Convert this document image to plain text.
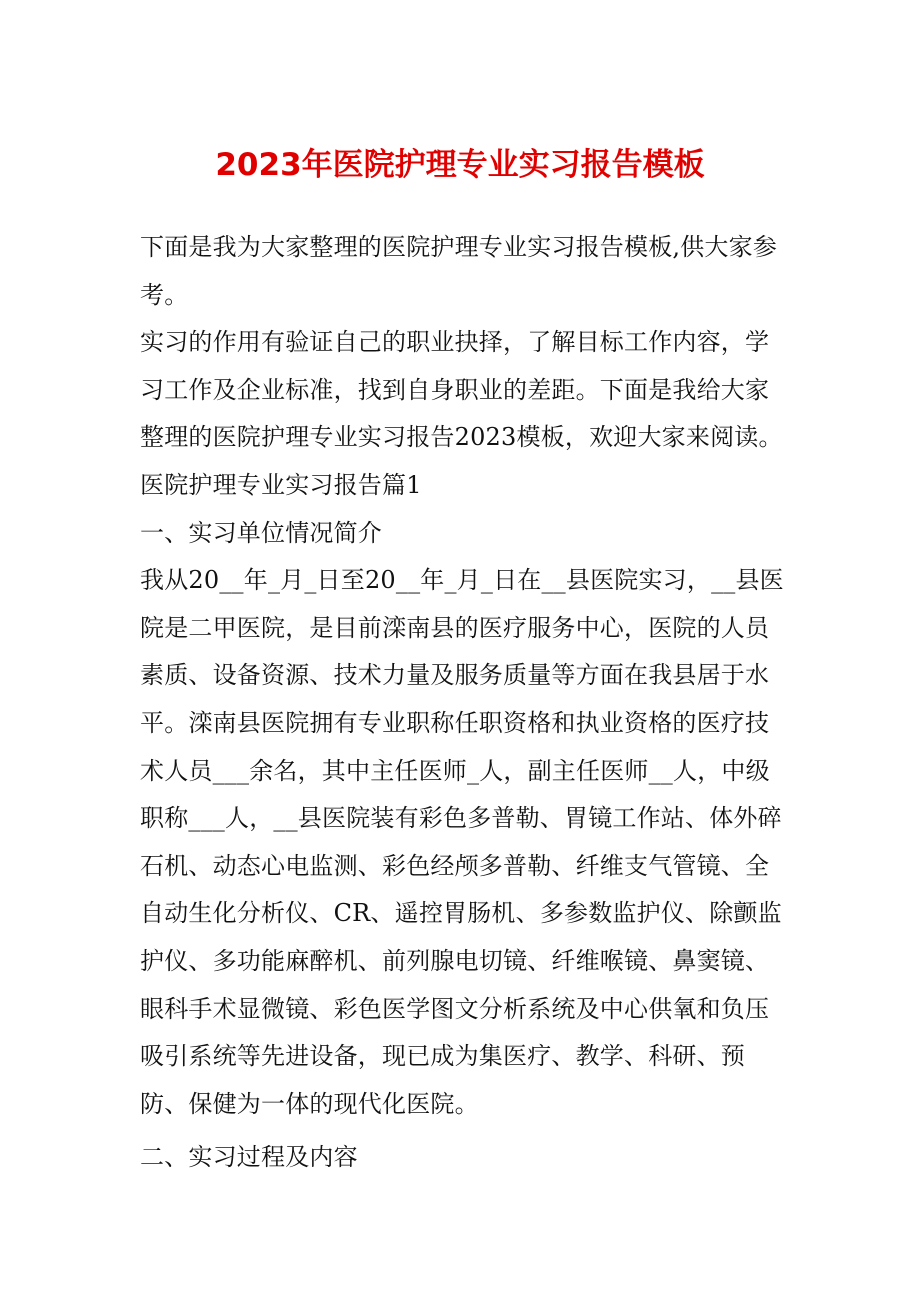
2023年医院护理专业实习报告模板

下面是我为大家整理的医院护理专业实习报告模板,供大家参考。

实习的作用有验证自己的职业抉择，了解目标工作内容，学习工作及企业标准，找到自身职业的差距。下面是我给大家整理的医院护理专业实习报告2023模板，欢迎大家来阅读。

医院护理专业实习报告篇1

一、实习单位情况简介

我从20__年_月_日至20__年_月_日在__县医院实习，__县医院是二甲医院，是目前滦南县的医疗服务中心，医院的人员素质、设备资源、技术力量及服务质量等方面在我县居于水平。滦南县医院拥有专业职称任职资格和执业资格的医疗技术人员___余名，其中主任医师_人，副主任医师__人，中级职称___人，__县医院装有彩色多普勒、胃镜工作站、体外碎石机、动态心电监测、彩色经颅多普勒、纤维支气管镜、全自动生化分析仪、CR、遥控胃肠机、多参数监护仪、除颤监护仪、多功能麻醉机、前列腺电切镜、纤维喉镜、鼻窦镜、眼科手术显微镜、彩色医学图文分析系统及中心供氧和负压吸引系统等先进设备，现已成为集医疗、教学、科研、预防、保健为一体的现代化医院。

二、实习过程及内容
